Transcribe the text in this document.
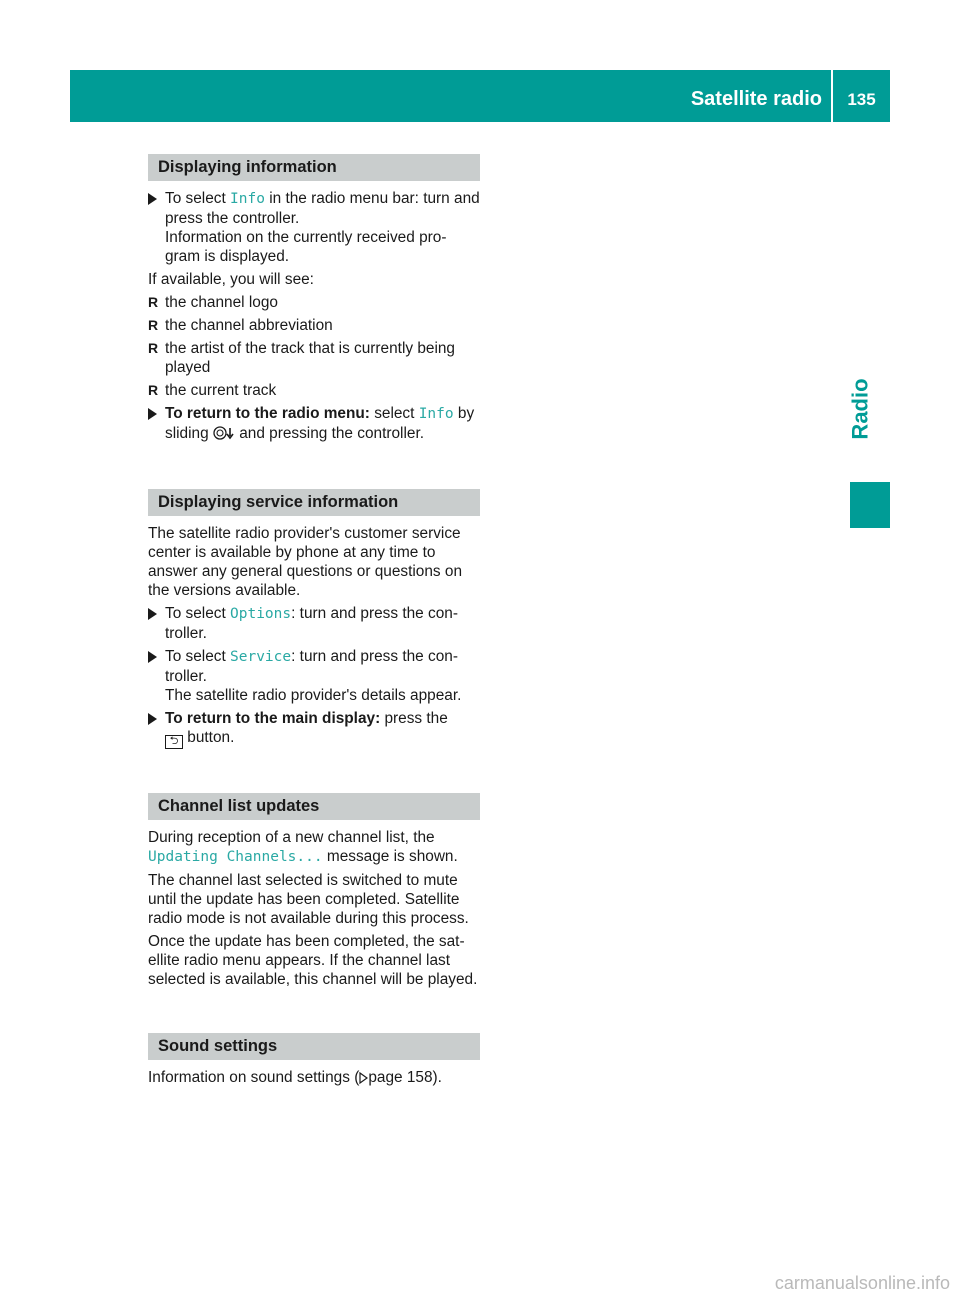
Satellite radio	135
Radio
Displaying information
To select Info in the radio menu bar: turn and press the controller.
Information on the currently received pro-gram is displayed.
If available, you will see:
R the channel logo
R the channel abbreviation
R the artist of the track that is currently being played
R the current track
To return to the radio menu: select Info by
sliding  and pressing the controller.
Displaying service information
The satellite radio provider's customer service center is available by phone at any time to answer any general questions or questions on the versions available.
To select Options: turn and press the con-troller.
To select Service: turn and press the con-troller.
The satellite radio provider's details appear.
To return to the main display: press the
⮌ button.
Channel list updates
During reception of a new channel list, the
Updating Channels... message is shown.
The channel last selected is switched to mute until the update has been completed. Satellite radio mode is not available during this process.
Once the update has been completed, the sat-ellite radio menu appears. If the channel last selected is available, this channel will be played.
Sound settings
Information on sound settings ( page 158).
carmanualsonline.info
